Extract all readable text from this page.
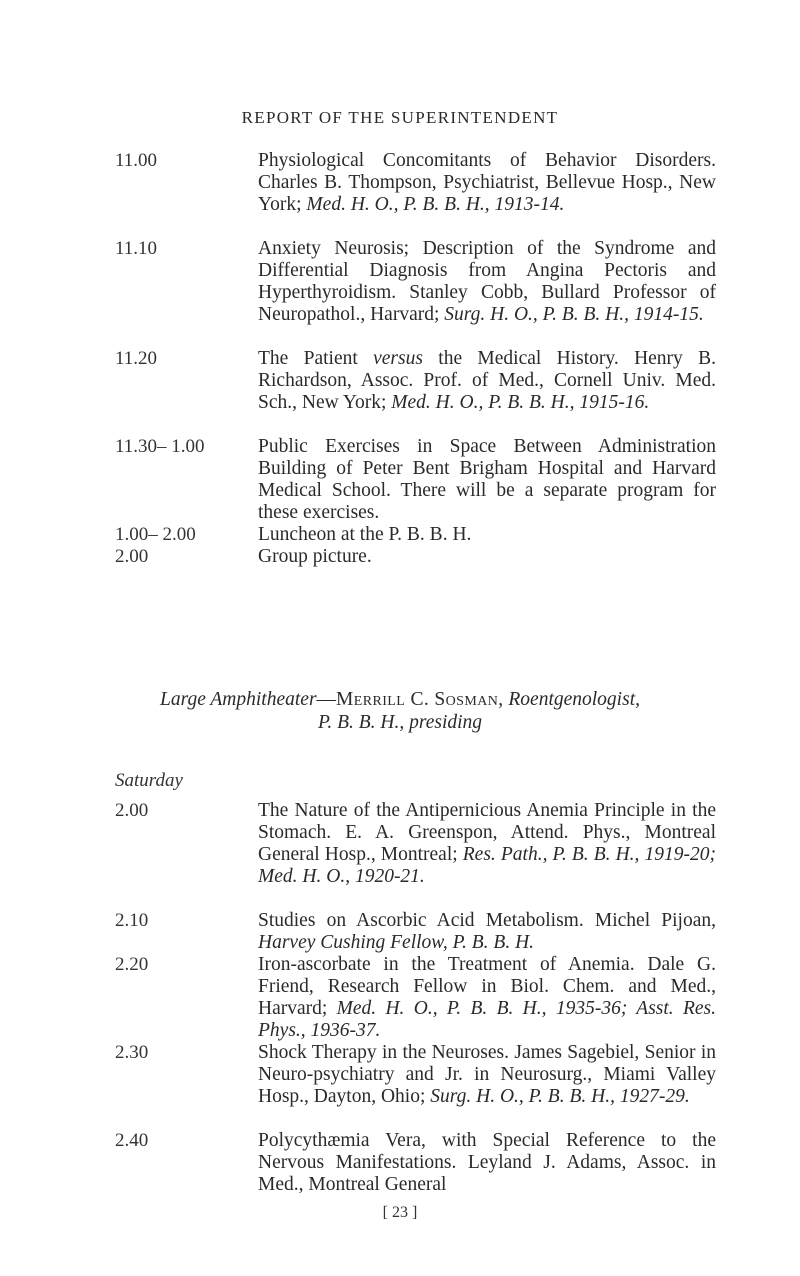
REPORT OF THE SUPERINTENDENT
11.00	Physiological Concomitants of Behavior Disorders. Charles B. Thompson, Psychiatrist, Bellevue Hosp., New York; Med. H. O., P. B. B. H., 1913-14.
11.10	Anxiety Neurosis; Description of the Syndrome and Differential Diagnosis from Angina Pectoris and Hyperthyroidism. Stanley Cobb, Bullard Professor of Neuropathol., Harvard; Surg. H. O., P. B. B. H., 1914-15.
11.20	The Patient versus the Medical History. Henry B. Richardson, Assoc. Prof. of Med., Cornell Univ. Med. Sch., New York; Med. H. O., P. B. B. H., 1915-16.
11.30– 1.00	Public Exercises in Space Between Administration Building of Peter Bent Brigham Hospital and Harvard Medical School. There will be a separate program for these exercises.
1.00– 2.00	Luncheon at the P. B. B. H.
2.00	Group picture.
Large Amphitheater—Merrill C. Sosman, Roentgenologist,
P. B. B. H., presiding
Saturday
2.00	The Nature of the Antipernicious Anemia Principle in the Stomach. E. A. Greenspon, Attend. Phys., Montreal General Hosp., Montreal; Res. Path., P. B. B. H., 1919-20; Med. H. O., 1920-21.
2.10	Studies on Ascorbic Acid Metabolism. Michel Pijoan, Harvey Cushing Fellow, P. B. B. H.
2.20	Iron-ascorbate in the Treatment of Anemia. Dale G. Friend, Research Fellow in Biol. Chem. and Med., Harvard; Med. H. O., P. B. B. H., 1935-36; Asst. Res. Phys., 1936-37.
2.30	Shock Therapy in the Neuroses. James Sagebiel, Senior in Neuro-psychiatry and Jr. in Neurosurg., Miami Valley Hosp., Dayton, Ohio; Surg. H. O., P. B. B. H., 1927-29.
2.40	Polycythæmia Vera, with Special Reference to the Nervous Manifestations. Leyland J. Adams, Assoc. in Med., Montreal General
[ 23 ]
